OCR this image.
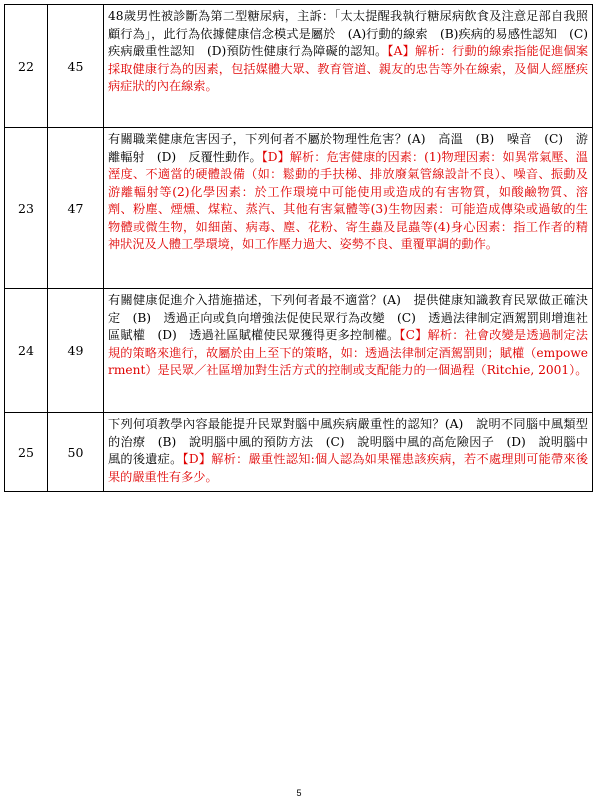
22	45	48歲男性被診斷為第二型糖尿病，主訴：「太太提醒我執行糖尿病飲食及注意足部自我照顧行為」，此行為依據健康信念模式是屬於　(A)行動的線索　(B)疾病的易感性認知　(C)疾病嚴重性認知　(D)預防性健康行為障礙的認知。【A】解析：行動的線索指能促進個案採取健康行為的因素，包括媒體大眾、教育管道、親友的忠告等外在線索，及個人經歷疾病症狀的內在線索。
23	47	有關職業健康危害因子，下列何者不屬於物理性危害？(A)　高溫　(B)　噪音　(C)　游離輻射　(D)　反覆性動作。【D】解析：危害健康的因素：(1)物理因素：如異常氣壓、溫溼度、不適當的硬體設備（如：鬆動的手扶梯、排放廢氣管線設計不良）、噪音、振動及游離輻射等(2)化學因素：於工作環境中可能使用或造成的有害物質，如酸鹼物質、溶劑、粉塵、煙燻、煤粒、蒸汽、其他有害氣體等(3)生物因素：可能造成傳染或過敏的生物體或微生物，如細菌、病毒、塵、花粉、寄生蟲及昆蟲等(4)身心因素：指工作者的精神狀況及人體工學環境，如工作壓力過大、姿勢不良、重覆單調的動作。
24	49	有關健康促進介入措施描述，下列何者最不適當？(A)　提供健康知識教育民眾做正確決定　(B)　透過正向或負向增強法促使民眾行為改變　(C)　透過法律制定酒駕罰則增進社區賦權　(D)　透過社區賦權使民眾獲得更多控制權。【C】解析：社會改變是透過制定法規的策略來進行，故屬於由上至下的策略，如：透過法律制定酒駕罰則；賦權（empowerment）是民眾／社區增加對生活方式的控制或支配能力的一個過程（Ritchie, 2001）。
25	50	下列何項教學內容最能提升民眾對腦中風疾病嚴重性的認知？(A)　說明不同腦中風類型的治療　(B)　說明腦中風的預防方法　(C)　說明腦中風的高危險因子　(D)　說明腦中風的後遺症。【D】解析：嚴重性認知:個人認為如果罹患該疾病，若不處理則可能帶來後果的嚴重性有多少。
5
